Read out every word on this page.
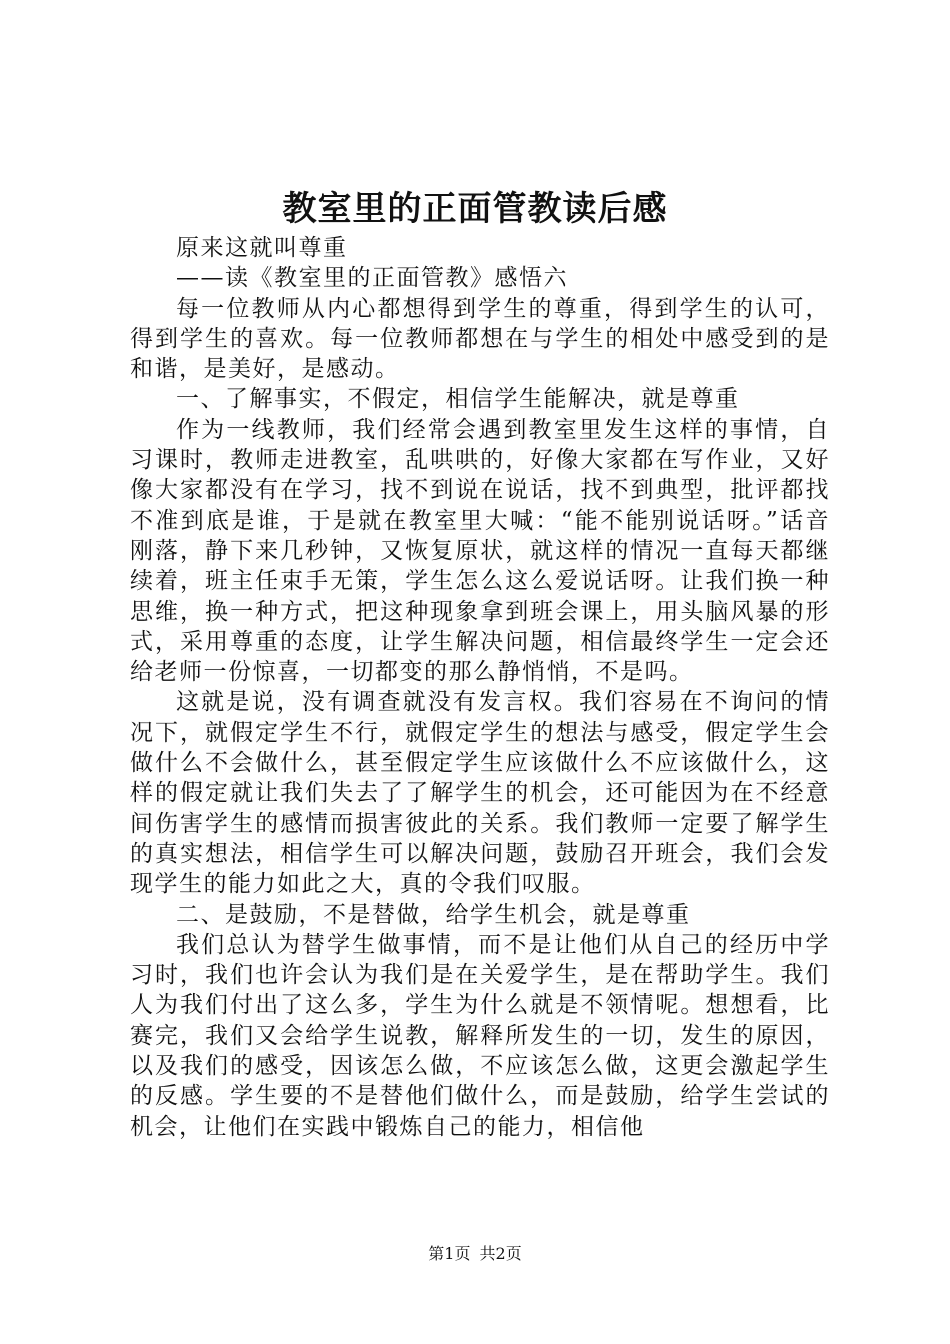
教室里的正面管教读后感

原来这就叫尊重

——读《教室里的正面管教》感悟六

每一位教师从内心都想得到学生的尊重，得到学生的认可，得到学生的喜欢。每一位教师都想在与学生的相处中感受到的是和谐，是美好，是感动。

一、了解事实，不假定，相信学生能解决，就是尊重

作为一线教师，我们经常会遇到教室里发生这样的事情，自习课时，教师走进教室，乱哄哄的，好像大家都在写作业，又好像大家都没有在学习，找不到说在说话，找不到典型，批评都找不准到底是谁，于是就在教室里大喊：“能不能别说话呀。”话音刚落，静下来几秒钟，又恢复原状，就这样的情况一直每天都继续着，班主任束手无策，学生怎么这么爱说话呀。让我们换一种思维，换一种方式，把这种现象拿到班会课上，用头脑风暴的形式，采用尊重的态度，让学生解决问题，相信最终学生一定会还给老师一份惊喜，一切都变的那么静悄悄，不是吗。

这就是说，没有调查就没有发言权。我们容易在不询问的情况下，就假定学生不行，就假定学生的想法与感受，假定学生会做什么不会做什么，甚至假定学生应该做什么不应该做什么，这样的假定就让我们失去了了解学生的机会，还可能因为在不经意间伤害学生的感情而损害彼此的关系。我们教师一定要了解学生的真实想法，相信学生可以解决问题，鼓励召开班会，我们会发现学生的能力如此之大，真的令我们叹服。

二、是鼓励，不是替做，给学生机会，就是尊重

我们总认为替学生做事情，而不是让他们从自己的经历中学习时，我们也许会认为我们是在关爱学生，是在帮助学生。我们人为我们付出了这么多，学生为什么就是不领情呢。想想看，比赛完，我们又会给学生说教，解释所发生的一切，发生的原因，以及我们的感受，因该怎么做，不应该怎么做，这更会激起学生的反感。学生要的不是替他们做什么，而是鼓励，给学生尝试的机会，让他们在实践中锻炼自己的能力，相信他

第1页 共2页
